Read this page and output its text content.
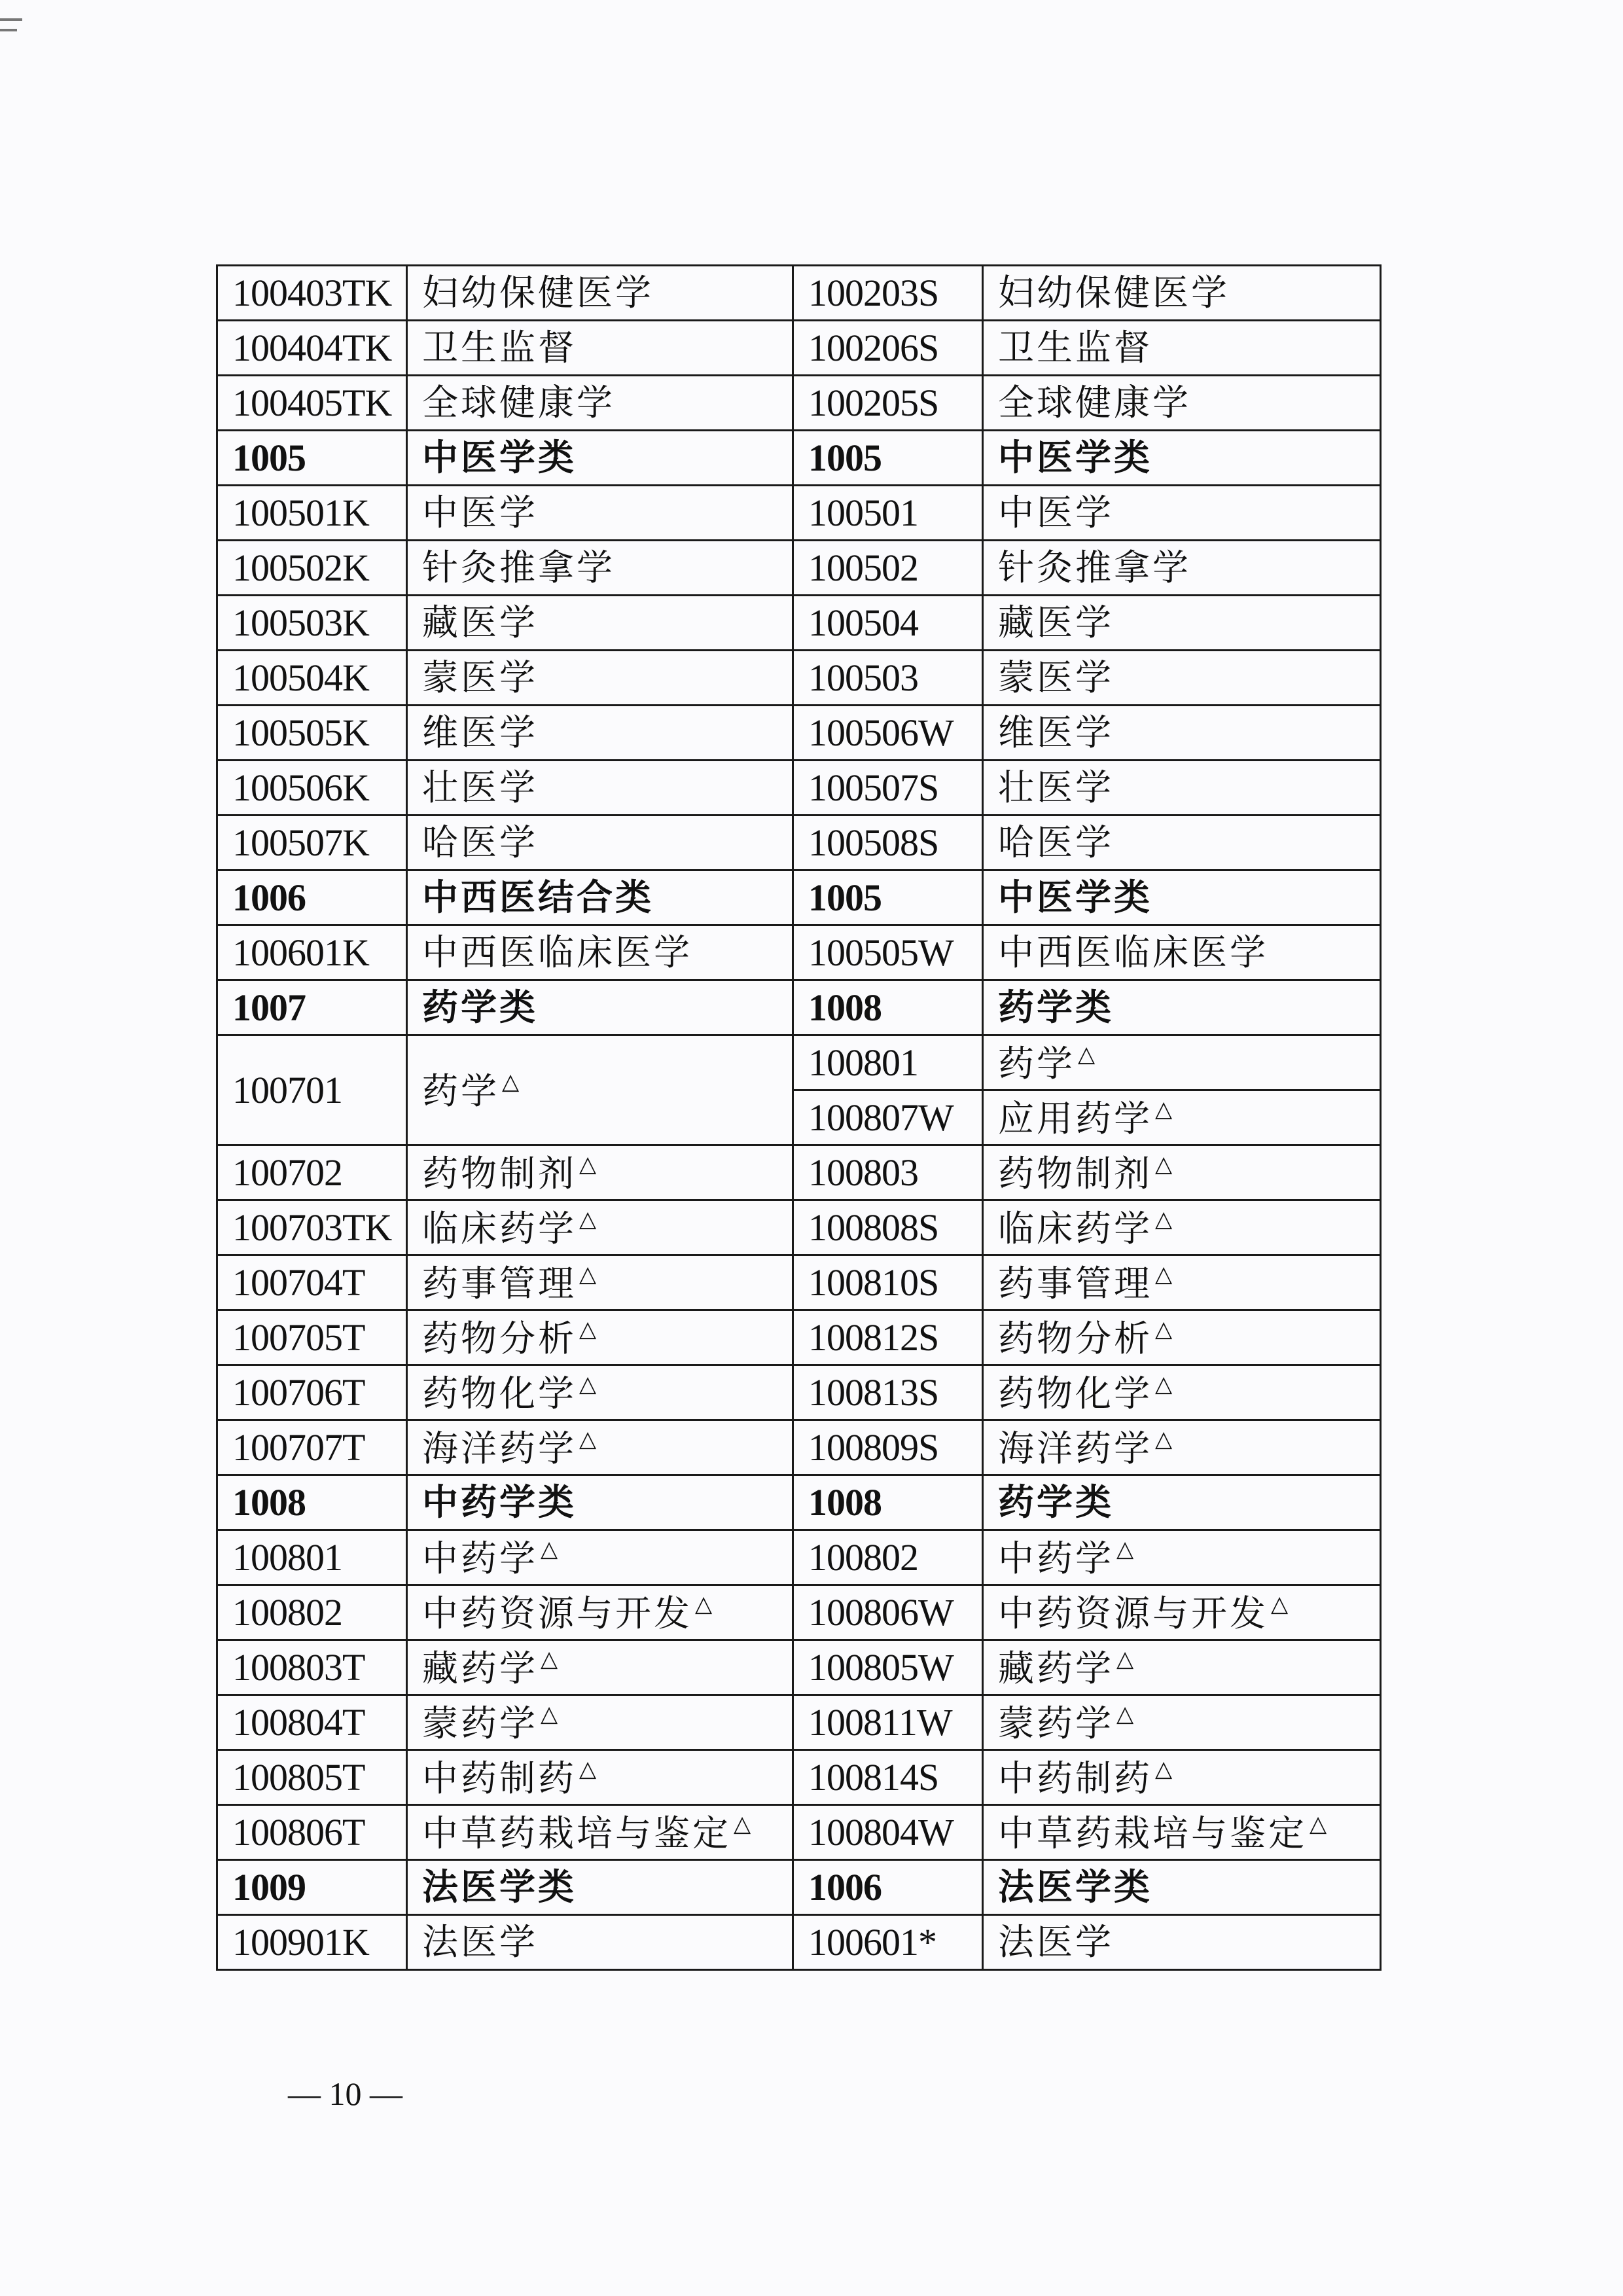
100403TK	妇幼保健医学	100203S	妇幼保健医学
100404TK	卫生监督	100206S	卫生监督
100405TK	全球健康学	100205S	全球健康学
1005	中医学类	1005	中医学类
100501K	中医学	100501	中医学
100502K	针灸推拿学	100502	针灸推拿学
100503K	藏医学	100504	藏医学
100504K	蒙医学	100503	蒙医学
100505K	维医学	100506W	维医学
100506K	壮医学	100507S	壮医学
100507K	哈医学	100508S	哈医学
1006	中西医结合类	1005	中医学类
100601K	中西医临床医学	100505W	中西医临床医学
1007	药学类	1008	药学类
100701	药学 △	100801	药学 △
		100807W	应用药学 △
100702	药物制剂 △	100803	药物制剂 △
100703TK	临床药学 △	100808S	临床药学 △
100704T	药事管理 △	100810S	药事管理 △
100705T	药物分析 △	100812S	药物分析 △
100706T	药物化学 △	100813S	药物化学 △
100707T	海洋药学 △	100809S	海洋药学 △
1008	中药学类	1008	药学类
100801	中药学 △	100802	中药学 △
100802	中药资源与开发 △	100806W	中药资源与开发 △
100803T	藏药学 △	100805W	藏药学 △
100804T	蒙药学 △	100811W	蒙药学 △
100805T	中药制药 △	100814S	中药制药 △
100806T	中草药栽培与鉴定 △	100804W	中草药栽培与鉴定 △
1009	法医学类	1006	法医学类
100901K	法医学	100601*	法医学
— 10 —
